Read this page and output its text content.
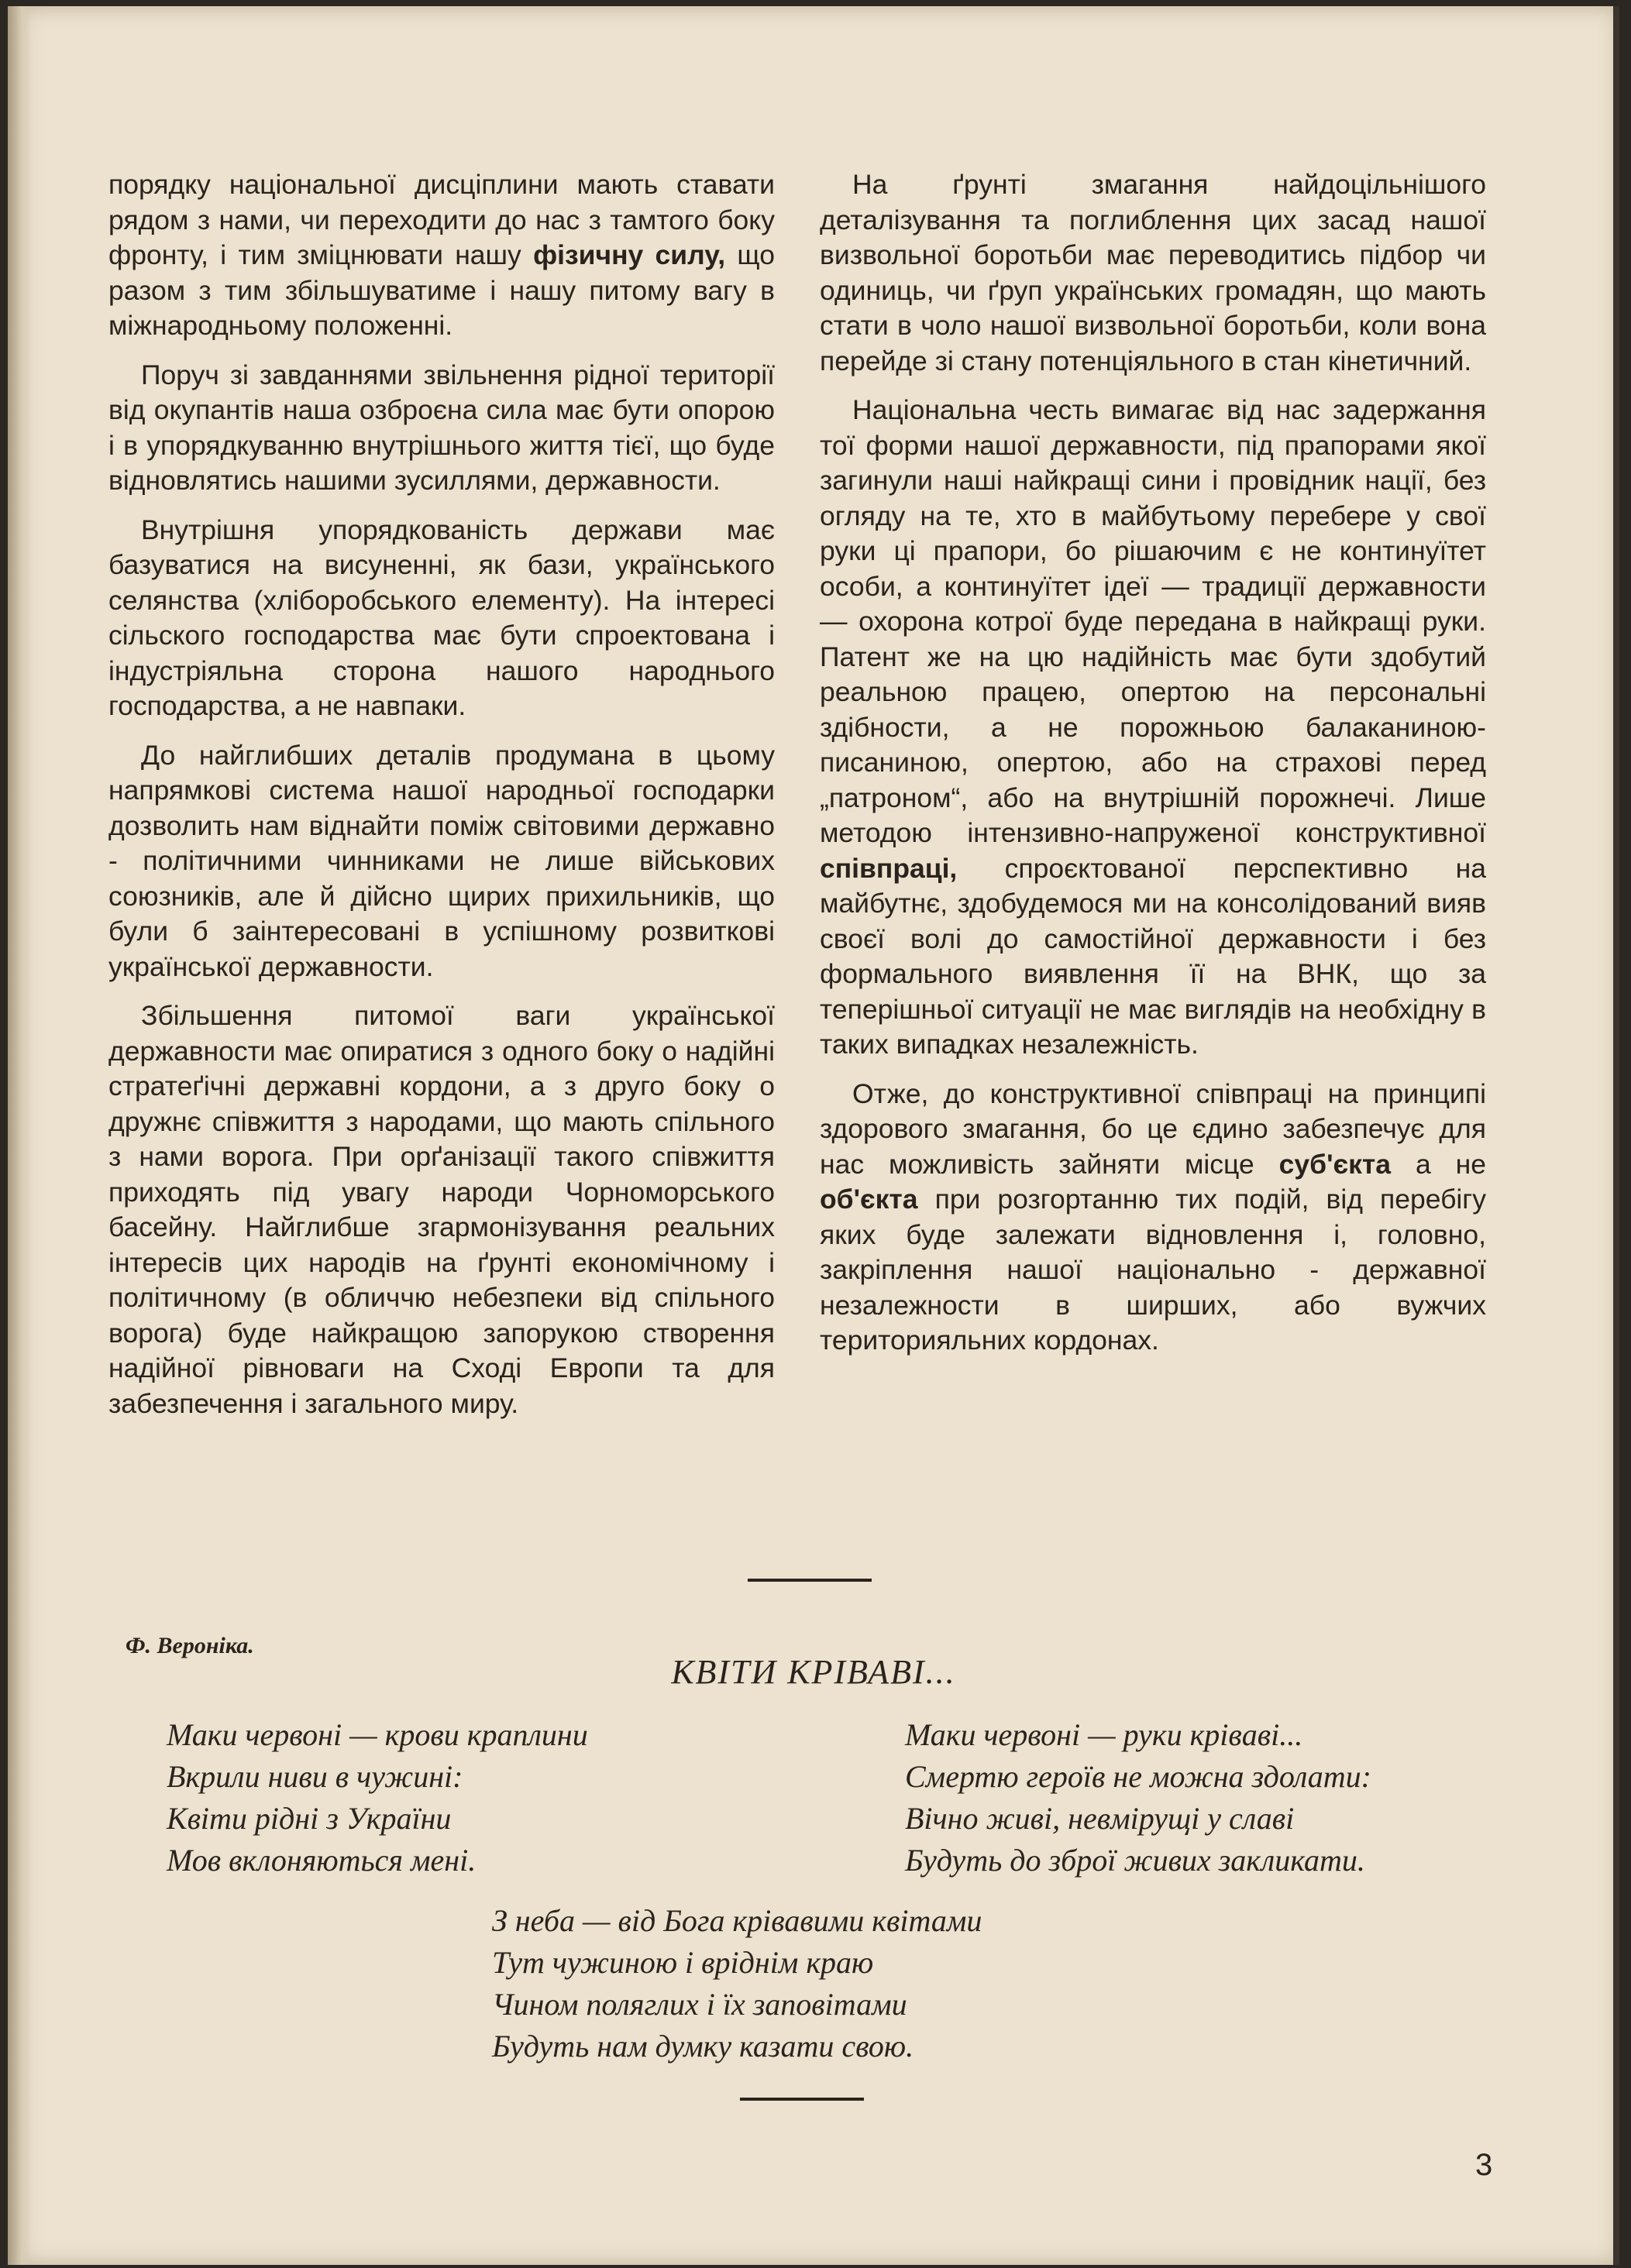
порядку національної дисціплини мають ставати рядом з нами, чи переходити до нас з тамтого боку фронту, і тим зміцнювати нашу фізичну силу, що разом з тим збільшуватиме і нашу питому вагу в міжнародньому положенні.

Поруч зі завданнями звільнення рідної території від окупантів наша озброєна сила має бути опорою і в упорядкуванню внутрішнього життя тієї, що буде відновлятись нашими зусиллями, державности.

Внутрішня упорядкованість держави має базуватися на висуненні, як бази, українського селянства (хліборобського елементу). На інтересі сільского господарства має бути спроектована і індустріяльна сторона нашого народнього господарства, а не навпаки.

До найглибших деталів продумана в цьому напрямкові система нашої народньої господарки дозволить нам віднайти поміж світовими державно - політичними чинниками не лише військових союзників, але й дійсно щирих прихильників, що були б заінтересовані в успішному розвиткові української державности.

Збільшення питомої ваги української державности має опиратися з одного боку о надійні стратеґічні державні кордони, а з друго боку о дружнє співжиття з народами, що мають спільного з нами ворога. При орґанізації такого співжиття приходять під увагу народи Чорноморського басейну. Найглибше згармонізування реальних інтересів цих народів на ґрунті економічному і політичному (в обличчю небезпеки від спільного ворога) буде найкращою запорукою створення надійної рівноваги на Сході Европи та для забезпечення і загального миру.

На ґрунті змагання найдоцільнішого деталізування та поглиблення цих засад нашої визвольної боротьби має переводитись підбор чи одиниць, чи ґруп українських громадян, що мають стати в чоло нашої визвольної боротьби, коли вона перейде зі стану потенціяльного в стан кінетичний.

Національна честь вимагає від нас задержання тої форми нашої державности, під прапорами якої загинули наші найкращі сини і провідник нації, без огляду на те, хто в майбутьому перебере у свої руки ці прапори, бо рішаючим є не континуїтет особи, а континуїтет ідеї — традиції державности — охорона котрої буде передана в найкращі руки. Патент же на цю надійність має бути здобутий реальною працею, опертою на персональні здібности, а не порожньою балаканиною-писаниною, опертою, або на страхові перед „патроном“, або на внутрішній порожнечі. Лише методою інтензивно-напруженої конструктивної співпраці, спроєктованої перспективно на майбутнє, здобудемося ми на консолідований вияв своєї волі до самостійної державности і без формального виявлення її на ВНК, що за теперішньої ситуації не має виглядів на необхідну в таких випадках незалежність.

Отже, до конструктивної співпраці на принципі здорового змагання, бо це єдино забезпечує для нас можливість зайняти місце суб'єкта а не об'єкта при розгортанню тих подій, від перебігу яких буде залежати відновлення і, головно, закріплення нашої національно - державної незалежности в ширших, або вужчих територияльних кордонах.

Ф. Вероніка.
КВІТИ КРІВАВІ...
Маки червоні — крови краплини
Вкрили ниви в чужині:
Квіти рідні з України
Мов вклоняються мені.
Маки червоні — руки крівaві...
Смертю героїв не можна здолати:
Вічно живі, невмірущі у славі
Будуть до зброї живих закликати.
З неба — від Бога крівавими квітами
Тут чужиною і вріднім краю
Чином поляглих і їх заповітами
Будуть нам думку казати свою.
3
